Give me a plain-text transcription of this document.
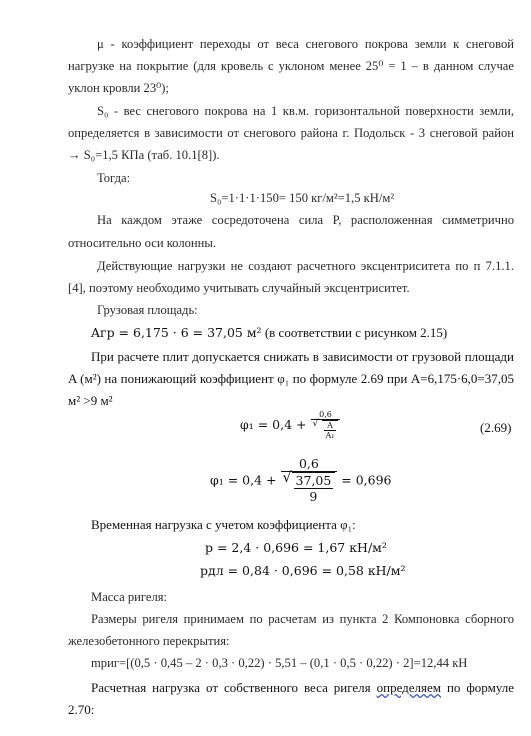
μ - коэффициент переходы от веса снегового покрова земли к снеговой
нагрузке на покрытие (для кровель с уклоном менее 25⁰ = 1 – в данном случае
уклон кровли 23⁰);
S₀ - вес снегового покрова на 1 кв.м. горизонтальной поверхности земли,
определяется в зависимости от снегового района г. Подольск - 3 снеговой район
→ S₀=1,5 КПа (таб. 10.1[8]).
Тогда:
S₀=1·1·1·150= 150 кг/м²=1,5 кН/м²
На каждом этаже сосредоточена сила P, расположенная симметрично
относительно оси колонны.
Действующие нагрузки не создают расчетного эксцентриситета по п 7.1.1.
[4], поэтому необходимо учитывать случайный эксцентриситет.
Грузовая площадь:
Aгр = 6,175 · 6 = 37,05 м² (в соответствии с рисунком 2.15)
При расчете плит допускается снижать в зависимости от грузовой площади
A (м²) на понижающий коэффициент φ₁ по формуле 2.69 при A=6,175·6,0=37,05
м² >9 м²
φ₁ = 0,4 + 0,6
√ $\frac{A}{\text{A₁}}$	(2.69)
φ₁ = 0,4 + 0,6
√ $\frac{37,05}{9} = 0,696$
Временная нагрузка с учетом коэффициента φ₁:
p = 2,4 · 0,696 = 1,67 кН/м²
pдл = 0,84 · 0,696 = 0,58 кН/м²
Масса ригеля:
Размеры ригеля принимаем по расчетам из пункта 2 Компоновка сборного
железобетонного перекрытия:
mриг=[(0,5 · 0,45 – 2 · 0,3 · 0,22) · 5,51 – (0,1 · 0,5 · 0,22) · 2]=12,44 кН
Расчетная нагрузка от собственного веса ригеля определяем по формуле
2.70:
